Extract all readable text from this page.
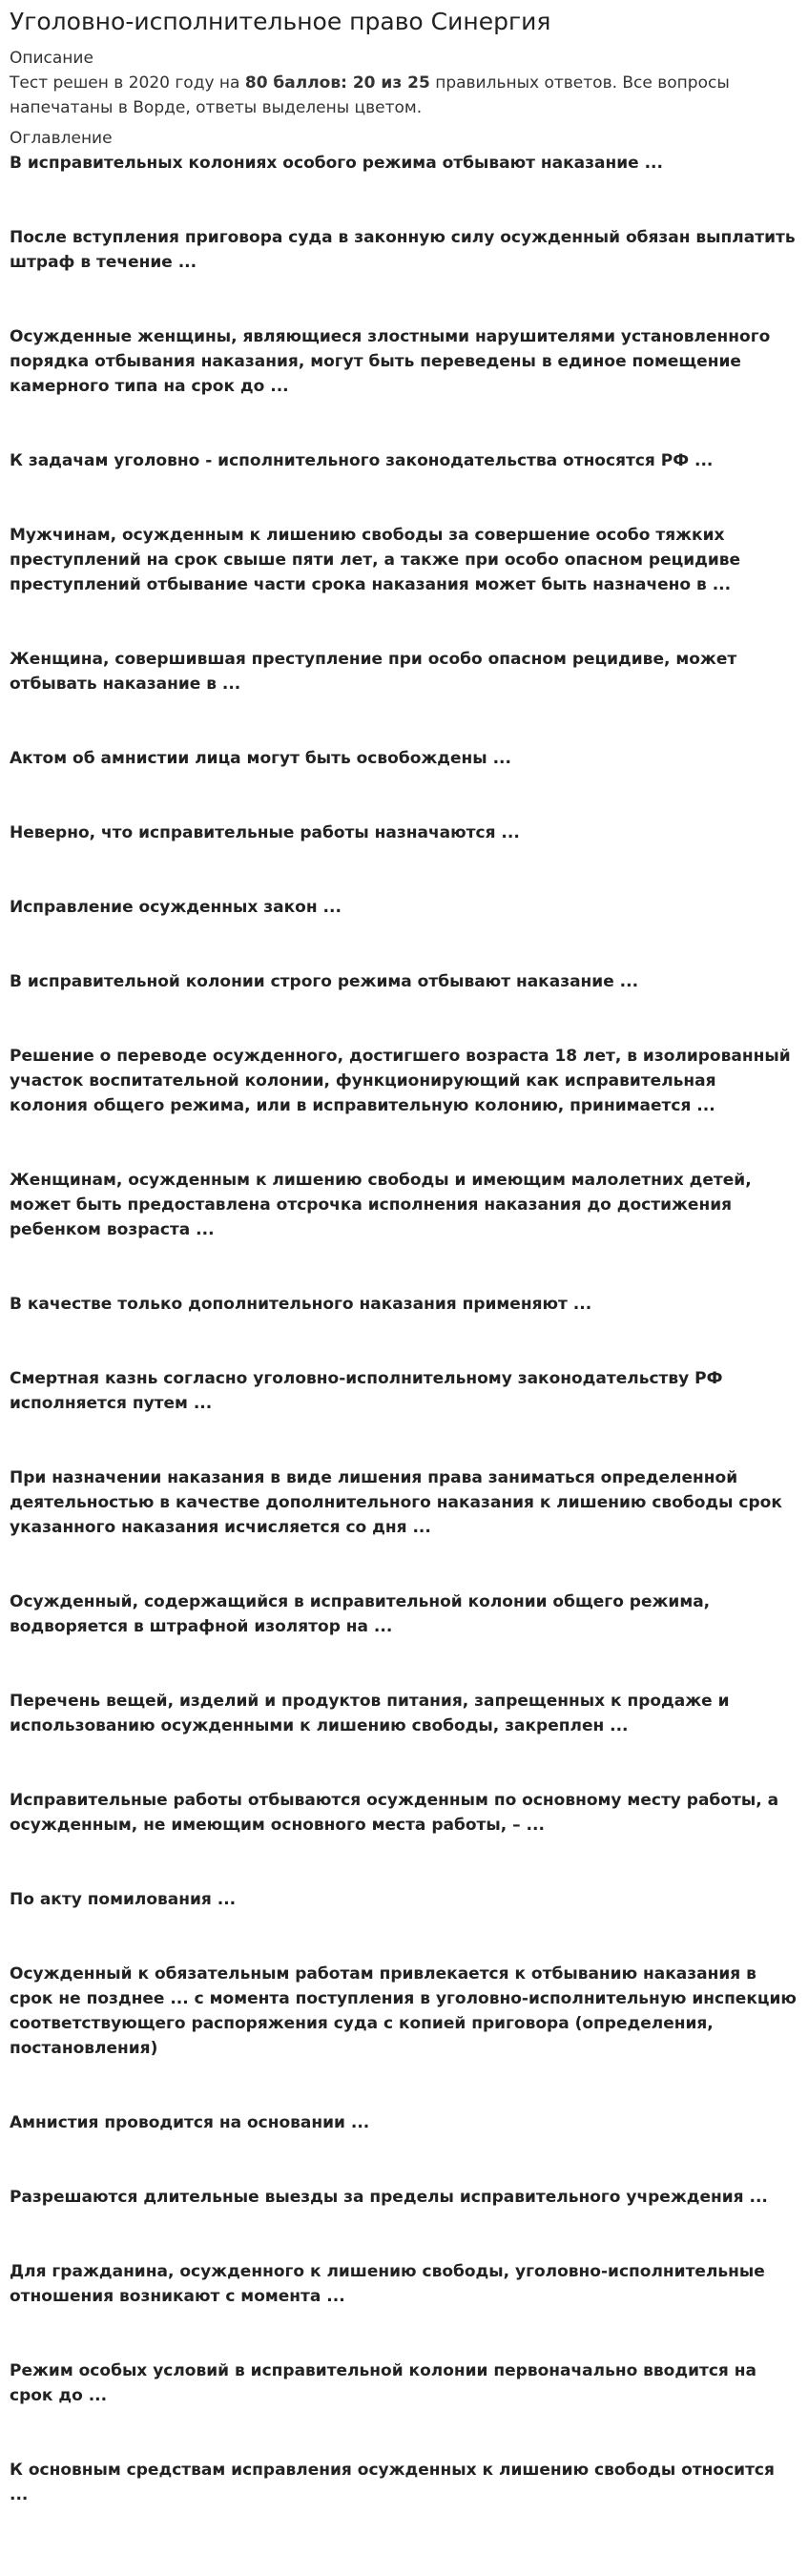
Уголовно-исполнительное право Синергия

Описание

Тест решен в 2020 году на 80 баллов: 20 из 25 правильных ответов. Все вопросы напечатаны в Ворде, ответы выделены цветом.

Оглавление

В исправительных колониях особого режима отбывают наказание ...
После вступления приговора суда в законную силу осужденный обязан выплатить штраф в течение ...
Осужденные женщины, являющиеся злостными нарушителями установленного порядка отбывания наказания, могут быть переведены в единое помещение камерного типа на срок до ...
К задачам уголовно - исполнительного законодательства относятся РФ ...
Мужчинам, осужденным к лишению свободы за совершение особо тяжких преступлений на срок свыше пяти лет, а также при особо опасном рецидиве преступлений отбывание части срока наказания может быть назначено в ...
Женщина, совершившая преступление при особо опасном рецидиве, может отбывать наказание в ...
Актом об амнистии лица могут быть освобождены ...
Неверно, что исправительные работы назначаются ...
Исправление осужденных закон ...
В исправительной колонии строго режима отбывают наказание ...
Решение о переводе осужденного, достигшего возраста 18 лет, в изолированный участок воспитательной колонии, функционирующий как исправительная колония общего режима, или в исправительную колонию, принимается ...
Женщинам, осужденным к лишению свободы и имеющим малолетних детей, может быть предоставлена отсрочка исполнения наказания до достижения ребенком возраста ...
В качестве только дополнительного наказания применяют ...
Смертная казнь согласно уголовно-исполнительному законодательству РФ исполняется путем ...
При назначении наказания в виде лишения права заниматься определенной деятельностью в качестве дополнительного наказания к лишению свободы срок указанного наказания исчисляется со дня ...
Осужденный, содержащийся в исправительной колонии общего режима, водворяется в штрафной изолятор на ...
Перечень вещей, изделий и продуктов питания, запрещенных к продаже и использованию осужденными к лишению свободы, закреплен ...
Исправительные работы отбываются осужденным по основному месту работы, а осужденным, не имеющим основного места работы, – ...
По акту помилования ...
Осужденный к обязательным работам привлекается к отбыванию наказания в срок не позднее ... с момента поступления в уголовно-исполнительную инспекцию соответствующего распоряжения суда с копией приговора (определения, постановления)
Амнистия проводится на основании ...
Разрешаются длительные выезды за пределы исправительного учреждения ...
Для гражданина, осужденного к лишению свободы, уголовно-исполнительные отношения возникают с момента ...
Режим особых условий в исправительной колонии первоначально вводится на срок до ...
К основным средствам исправления осужденных к лишению свободы относится ...
